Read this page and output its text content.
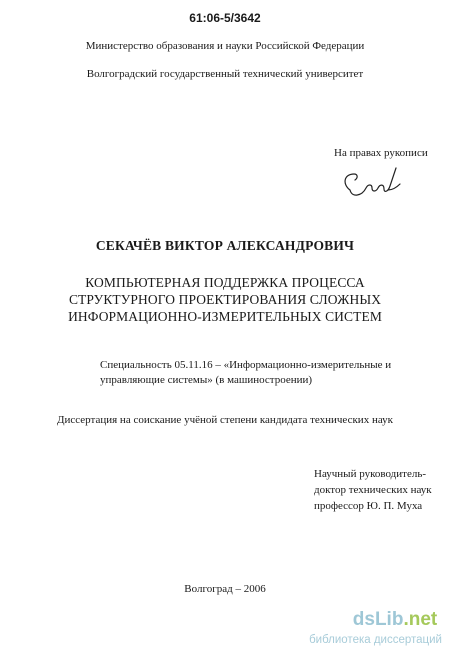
61:06-5/3642
Министерство образования и науки Российской Федерации
Волгоградский государственный технический университет
На правах рукописи
СЕКАЧЁВ ВИКТОР АЛЕКСАНДРОВИЧ
КОМПЬЮТЕРНАЯ ПОДДЕРЖКА ПРОЦЕССА
СТРУКТУРНОГО ПРОЕКТИРОВАНИЯ СЛОЖНЫХ
ИНФОРМАЦИОННО-ИЗМЕРИТЕЛЬНЫХ СИСТЕМ
Специальность 05.11.16 – «Информационно-измерительные и
управляющие системы» (в машиностроении)
Диссертация на соискание учёной степени кандидата технических наук
Научный руководитель-
доктор технических наук
профессор Ю. П. Муха
Волгоград – 2006
dsLib.net
библиотека диссертаций
